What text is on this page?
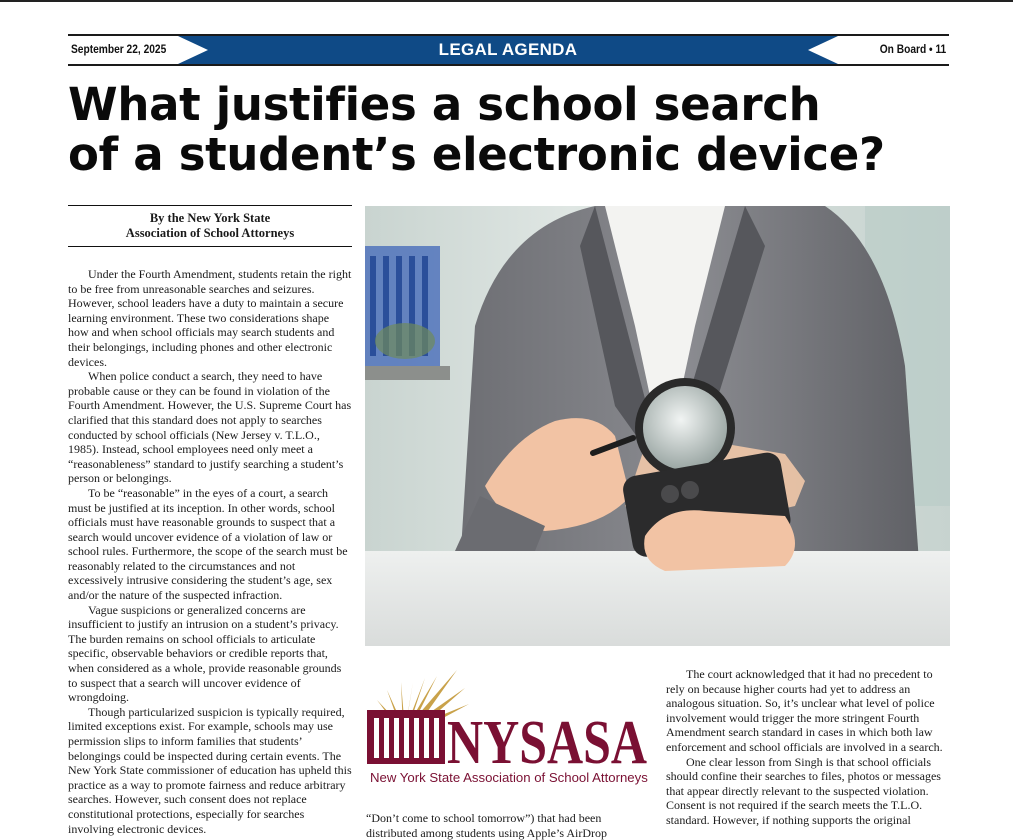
September 22, 2025	LEGAL AGENDA	On Board • 11
What justifies a school search
of a student’s electronic device?
By the New York State
Association of School Attorneys

Under the Fourth Amendment, students retain the right to be free from unreasonable searches and seizures. However, school leaders have a duty to maintain a secure learning environment. These two considerations shape how and when school officials may search students and their belongings, including phones and other electronic devices.

When police conduct a search, they need to have probable cause or they can be found in violation of the Fourth Amendment. However, the U.S. Supreme Court has clarified that this standard does not apply to searches conducted by school officials (New Jersey v. T.L.O., 1985). Instead, school employees need only meet a “reasonableness” standard to justify searching a student’s person or belongings.

To be “reasonable” in the eyes of a court, a search must be justified at its inception. In other words, school officials must have reasonable grounds to suspect that a search would uncover evidence of a violation of law or school rules. Furthermore, the scope of the search must be reasonably related to the circumstances and not excessively intrusive considering the student’s age, sex and/or the nature of the suspected infraction.

Vague suspicions or generalized concerns are insufficient to justify an intrusion on a student’s privacy. The burden remains on school officials to articulate specific, observable behaviors or credible reports that, when considered as a whole, provide reasonable grounds to suspect that a search will uncover evidence of wrongdoing.

Though particularized suspicion is typically required, limited exceptions exist. For example, schools may use permission slips to inform families that students’ belongings could be inspected during certain events. The New York State commissioner of education has upheld this practice as a way to promote fairness and reduce arbitrary searches. However, such consent does not replace constitutional protections, especially for searches involving electronic devices.

NYSASA
New York State Association of School Attorneys

“Don’t come to school tomorrow”) that had been distributed among students using Apple’s AirDrop

The court acknowledged that it had no precedent to rely on because higher courts had yet to address an analogous situation. So, it’s unclear what level of police involvement would trigger the more stringent Fourth Amendment search standard in cases in which both law enforcement and school officials are involved in a search.

One clear lesson from Singh is that school officials should confine their searches to files, photos or messages that appear directly relevant to the suspected violation. Consent is not required if the search meets the T.L.O. standard. However, if nothing supports the original
